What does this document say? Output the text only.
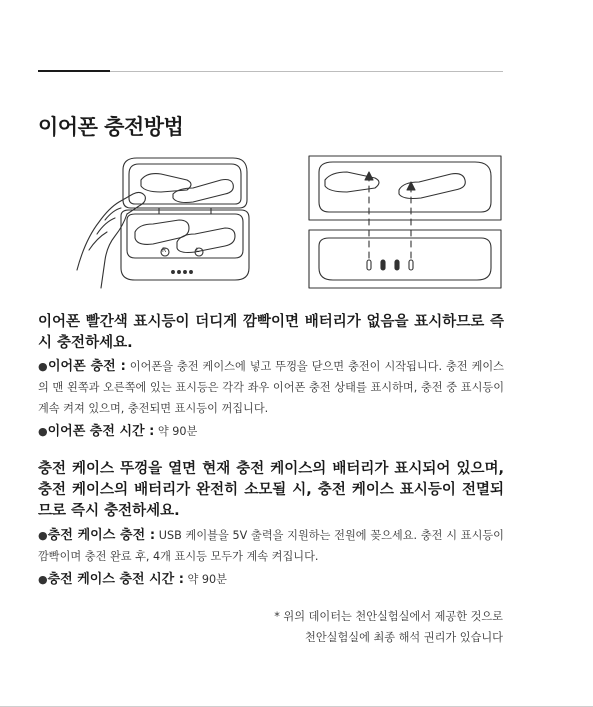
이어폰 충전방법
R	L

이어폰 빨간색 표시등이 더디게 깜빡이면 배터리가 없음을 표시하므로 즉시 충전하세요.

●이어폰 충전 : 이어폰을 충전 케이스에 넣고 뚜껑을 닫으면 충전이 시작됩니다. 충전 케이스의 맨 왼쪽과 오른쪽에 있는 표시등은 각각 좌우 이어폰 충전 상태를 표시하며, 충전 중 표시등이 계속 켜져 있으며, 충전되면 표시등이 꺼집니다.

●이어폰 충전 시간 : 약 90분

충전 케이스 뚜껑을 열면 현재 충전 케이스의 배터리가 표시되어 있으며, 충전 케이스의 배터리가 완전히 소모될 시, 충전 케이스 표시등이 전멸되므로 즉시 충전하세요.

●충전 케이스 충전 : USB 케이블을 5V 출력을 지원하는 전원에 꽂으세요. 충전 시 표시등이 깜빡이며 충전 완료 후, 4개 표시등 모두가 계속 켜집니다.

●충전 케이스 충전 시간 : 약 90분

* 위의 데이터는 천안실험실에서 제공한 것으로

천안실험실에 최종 해석 권리가 있습니다
